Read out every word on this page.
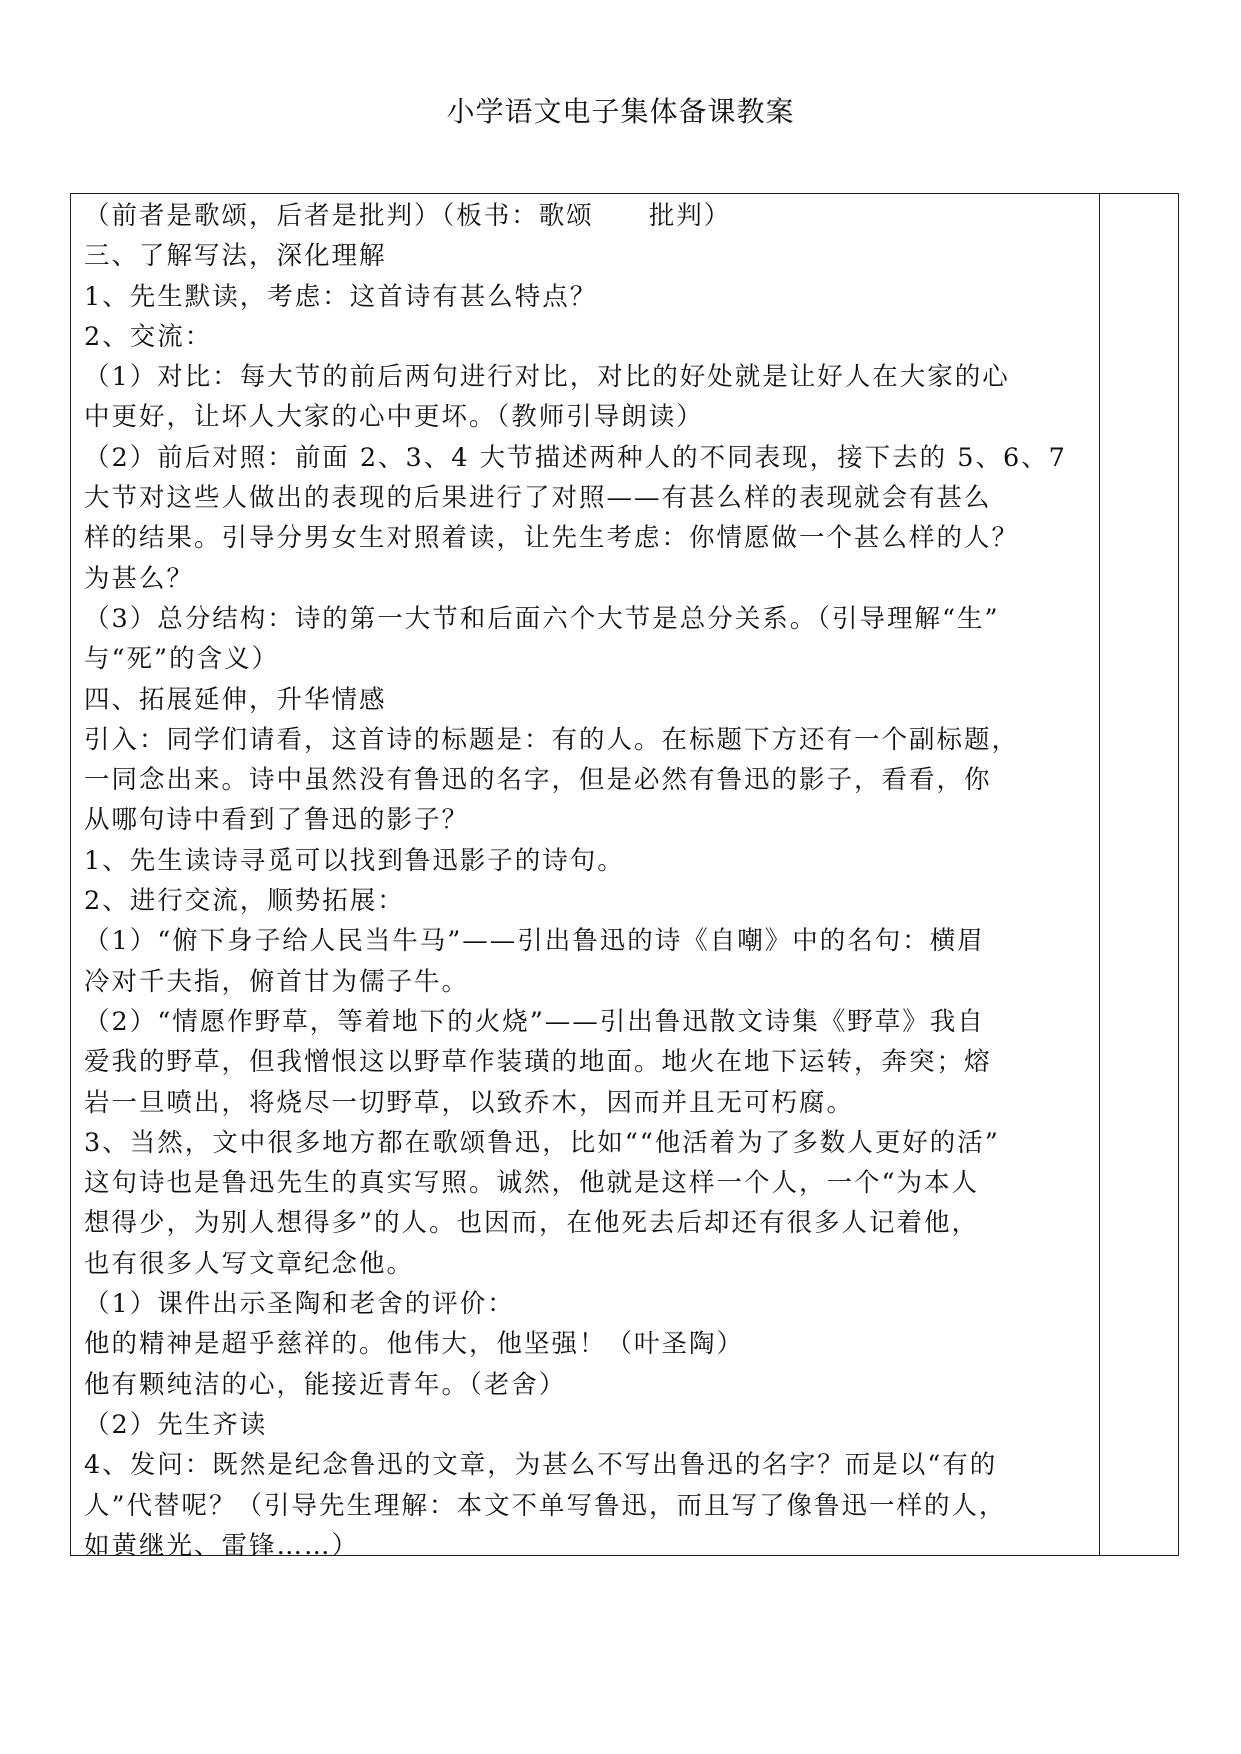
小学语文电子集体备课教案
（前者是歌颂，后者是批判）（板书：歌颂　　批判）
三、了解写法，深化理解
1、先生默读，考虑：这首诗有甚么特点？
2、交流：
（1）对比：每大节的前后两句进行对比，对比的好处就是让好人在大家的心
中更好，让坏人大家的心中更坏。（教师引导朗读）
（2）前后对照：前面 2、3、4 大节描述两种人的不同表现，接下去的 5、6、7
大节对这些人做出的表现的后果进行了对照——有甚么样的表现就会有甚么
样的结果。引导分男女生对照着读，让先生考虑：你情愿做一个甚么样的人？
为甚么？
（3）总分结构：诗的第一大节和后面六个大节是总分关系。（引导理解“生”
与“死”的含义）
四、拓展延伸，升华情感
引入：同学们请看，这首诗的标题是：有的人。在标题下方还有一个副标题，
一同念出来。诗中虽然没有鲁迅的名字，但是必然有鲁迅的影子，看看，你
从哪句诗中看到了鲁迅的影子？
1、先生读诗寻觅可以找到鲁迅影子的诗句。
2、进行交流，顺势拓展：
（1）“俯下身子给人民当牛马”——引出鲁迅的诗《自嘲》中的名句：横眉
冷对千夫指，俯首甘为儒子牛。
（2）“情愿作野草，等着地下的火烧”——引出鲁迅散文诗集《野草》我自
爱我的野草，但我憎恨这以野草作装璜的地面。地火在地下运转，奔突；熔
岩一旦喷出，将烧尽一切野草，以致乔木，因而并且无可朽腐。
3、当然，文中很多地方都在歌颂鲁迅，比如““他活着为了多数人更好的活”
这句诗也是鲁迅先生的真实写照。诚然，他就是这样一个人，一个“为本人
想得少，为别人想得多”的人。也因而，在他死去后却还有很多人记着他，
也有很多人写文章纪念他。
（1）课件出示圣陶和老舍的评价：
他的精神是超乎慈祥的。他伟大，他坚强！（叶圣陶）
他有颗纯洁的心，能接近青年。（老舍）
（2）先生齐读
4、发问：既然是纪念鲁迅的文章，为甚么不写出鲁迅的名字？而是以“有的
人”代替呢？（引导先生理解：本文不单写鲁迅，而且写了像鲁迅一样的人，
如黄继光、雷锋……）
